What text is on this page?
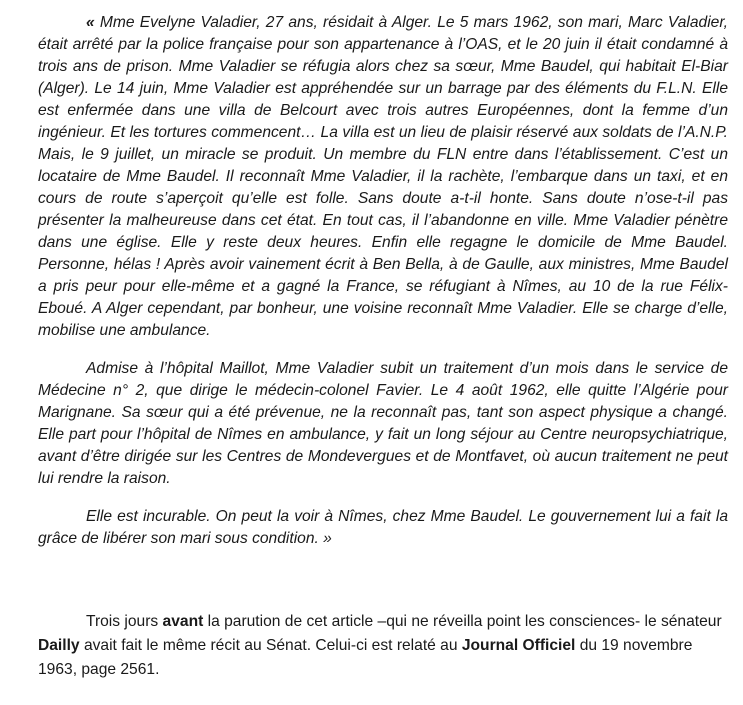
« Mme Evelyne Valadier, 27 ans, résidait à Alger. Le 5 mars 1962, son mari, Marc Valadier, était arrêté par la police française pour son appartenance à l’OAS, et le 20 juin il était condamné à trois ans de prison. Mme Valadier se réfugia alors chez sa sœur, Mme Baudel, qui habitait El-Biar (Alger). Le 14 juin, Mme Valadier est appréhendée sur un barrage par des éléments du F.L.N. Elle est enfermée dans une villa de Belcourt avec trois autres Européennes, dont la femme d’un ingénieur. Et les tortures commencent… La villa est un lieu de plaisir réservé aux soldats de l’A.N.P. Mais, le 9 juillet, un miracle se produit. Un membre du FLN entre dans l’établissement. C’est un locataire de Mme Baudel. Il reconnaît Mme Valadier, il la rachète, l’embarque dans un taxi, et en cours de route s’aperçoit qu’elle est folle. Sans doute a-t-il honte. Sans doute n’ose-t-il pas présenter la malheureuse dans cet état. En tout cas, il l’abandonne en ville. Mme Valadier pénètre dans une église. Elle y reste deux heures. Enfin elle regagne le domicile de Mme Baudel. Personne, hélas ! Après avoir vainement écrit à Ben Bella, à de Gaulle, aux ministres, Mme Baudel a pris peur pour elle-même et a gagné la France, se réfugiant à Nîmes, au 10 de la rue Félix-Eboué. A Alger cependant, par bonheur, une voisine reconnaît Mme Valadier. Elle se charge d’elle, mobilise une ambulance.

Admise à l’hôpital Maillot, Mme Valadier subit un traitement d’un mois dans le service de Médecine n° 2, que dirige le médecin-colonel Favier. Le 4 août 1962, elle quitte l’Algérie pour Marignane. Sa sœur qui a été prévenue, ne la reconnaît pas, tant son aspect physique a changé. Elle part pour l’hôpital de Nîmes en ambulance, y fait un long séjour au Centre neuropsychiatrique, avant d’être dirigée sur les Centres de Mondevergues et de Montfavet, où aucun traitement ne peut lui rendre la raison.

Elle est incurable. On peut la voir à Nîmes, chez Mme Baudel. Le gouvernement lui a fait la grâce de libérer son mari sous condition. »

Trois jours avant la parution de cet article –qui ne réveilla point les consciences- le sénateur Dailly avait fait le même récit au Sénat. Celui-ci est relaté au Journal Officiel du 19 novembre 1963, page 2561.
